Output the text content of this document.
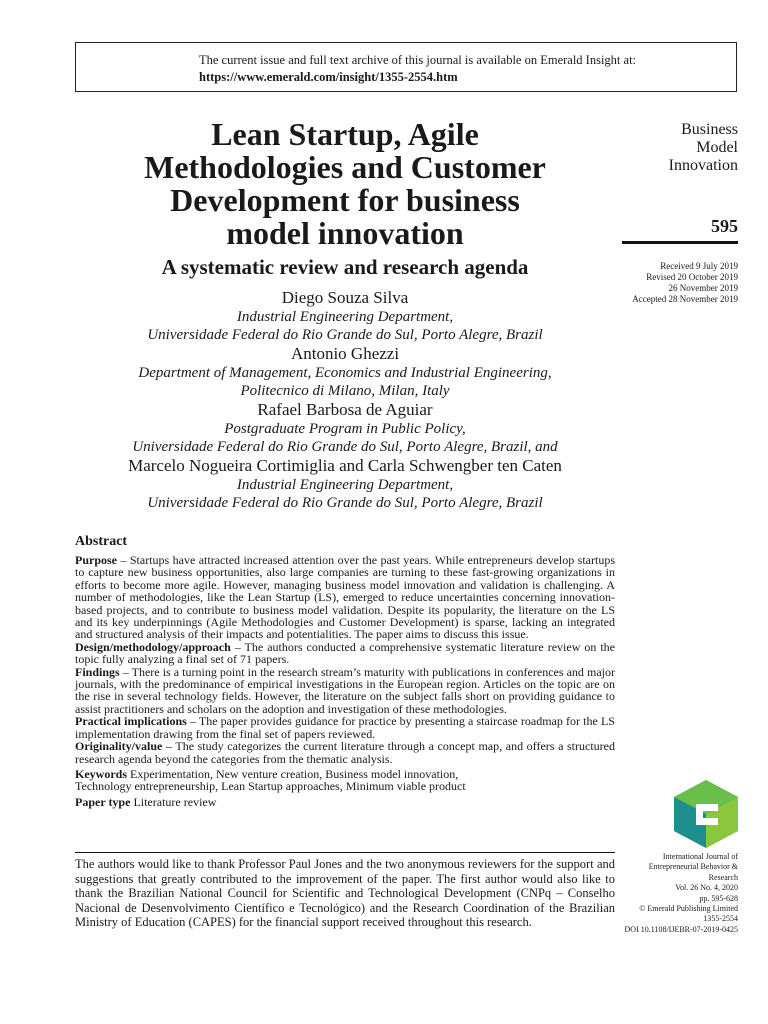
The current issue and full text archive of this journal is available on Emerald Insight at:
https://www.emerald.com/insight/1355-2554.htm
Lean Startup, Agile
Methodologies and Customer
Development for business
model innovation
A systematic review and research agenda
Diego Souza Silva
Industrial Engineering Department,
Universidade Federal do Rio Grande do Sul, Porto Alegre, Brazil
Antonio Ghezzi
Department of Management, Economics and Industrial Engineering,
Politecnico di Milano, Milan, Italy
Rafael Barbosa de Aguiar
Postgraduate Program in Public Policy,
Universidade Federal do Rio Grande do Sul, Porto Alegre, Brazil, and
Marcelo Nogueira Cortimiglia and Carla Schwengber ten Caten
Industrial Engineering Department,
Universidade Federal do Rio Grande do Sul, Porto Alegre, Brazil
Business
Model
Innovation
595
Received 9 July 2019
Revised 20 October 2019
26 November 2019
Accepted 28 November 2019
Abstract

Purpose – Startups have attracted increased attention over the past years. While entrepreneurs develop startups to capture new business opportunities, also large companies are turning to these fast-growing organizations in efforts to become more agile. However, managing business model innovation and validation is challenging. A number of methodologies, like the Lean Startup (LS), emerged to reduce uncertainties concerning innovation-based projects, and to contribute to business model validation. Despite its popularity, the literature on the LS and its key underpinnings (Agile Methodologies and Customer Development) is sparse, lacking an integrated and structured analysis of their impacts and potentialities. The paper aims to discuss this issue.

Design/methodology/approach – The authors conducted a comprehensive systematic literature review on the topic fully analyzing a final set of 71 papers.

Findings – There is a turning point in the research stream’s maturity with publications in conferences and major journals, with the predominance of empirical investigations in the European region. Articles on the topic are on the rise in several technology fields. However, the literature on the subject falls short on providing guidance to assist practitioners and scholars on the adoption and investigation of these methodologies.

Practical implications – The paper provides guidance for practice by presenting a staircase roadmap for the LS implementation drawing from the final set of papers reviewed.

Originality/value – The study categorizes the current literature through a concept map, and offers a structured research agenda beyond the categories from the thematic analysis.

Keywords Experimentation, New venture creation, Business model innovation,
Technology entrepreneurship, Lean Startup approaches, Minimum viable product

Paper type Literature review

The authors would like to thank Professor Paul Jones and the two anonymous reviewers for the support and suggestions that greatly contributed to the improvement of the paper. The first author would also like to thank the Brazilian National Council for Scientific and Technological Development (CNPq – Conselho Nacional de Desenvolvimento Científico e Tecnológico) and the Research Coordination of the Brazilian Ministry of Education (CAPES) for the financial support received throughout this research.
International Journal of
Entrepreneurial Behavior &
Research
Vol. 26 No. 4, 2020
pp. 595-628
© Emerald Publishing Limited
1355-2554
DOI 10.1108/IJEBR-07-2019-0425
